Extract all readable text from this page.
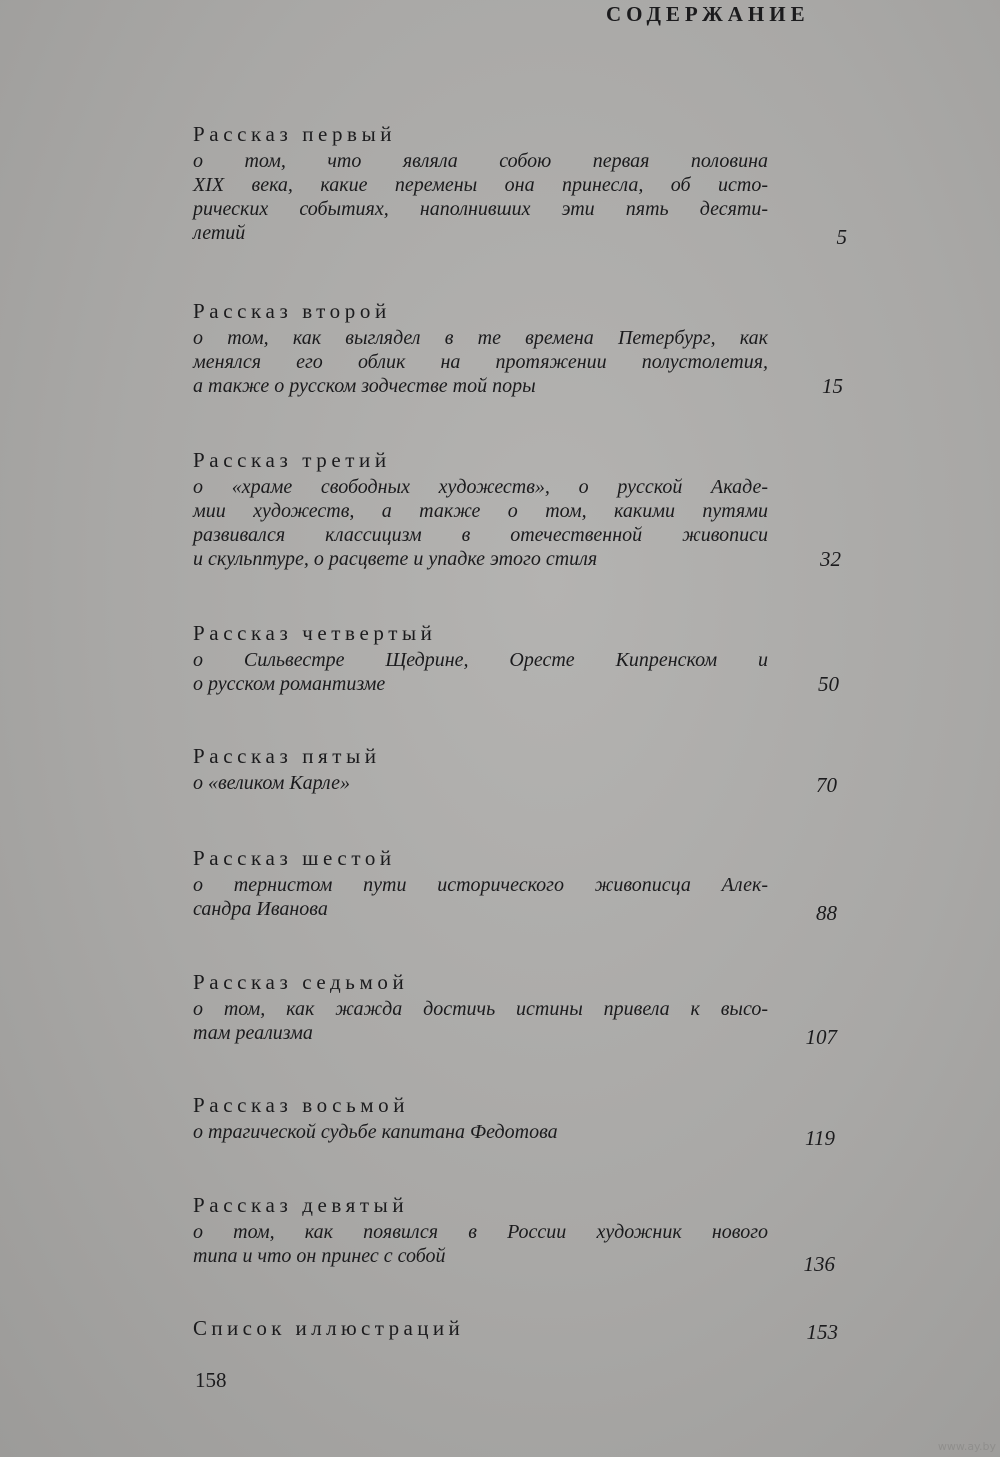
СОДЕРЖАНИЕ
Рассказ первый
о том, что являла собою первая половина
XIX века, какие перемены она принесла, об исто-
рических событиях, наполнивших эти пять десяти-
летий	5
Рассказ второй
о том, как выглядел в те времена Петербург, как
менялся его облик на протяжении полустолетия,
а также о русском зодчестве той поры	15
Рассказ третий
о «храме свободных художеств», о русской Акаде-
мии художеств, а также о том, какими путями
развивался классицизм в отечественной живописи
и скульптуре, о расцвете и упадке этого стиля	32
Рассказ четвертый
о Сильвестре Щедрине, Оресте Кипренском и
о русском романтизме	50
Рассказ пятый
о «великом Карле»	70
Рассказ шестой
о тернистом пути исторического живописца Алек-
сандра Иванова	88
Рассказ седьмой
о том, как жажда достичь истины привела к высо-
там реализма	107
Рассказ восьмой
о трагической судьбе капитана Федотова	119
Рассказ девятый
о том, как появился в России художник нового
типа и что он принес с собой	136
Список иллюстраций	153
158
www.ay.by
